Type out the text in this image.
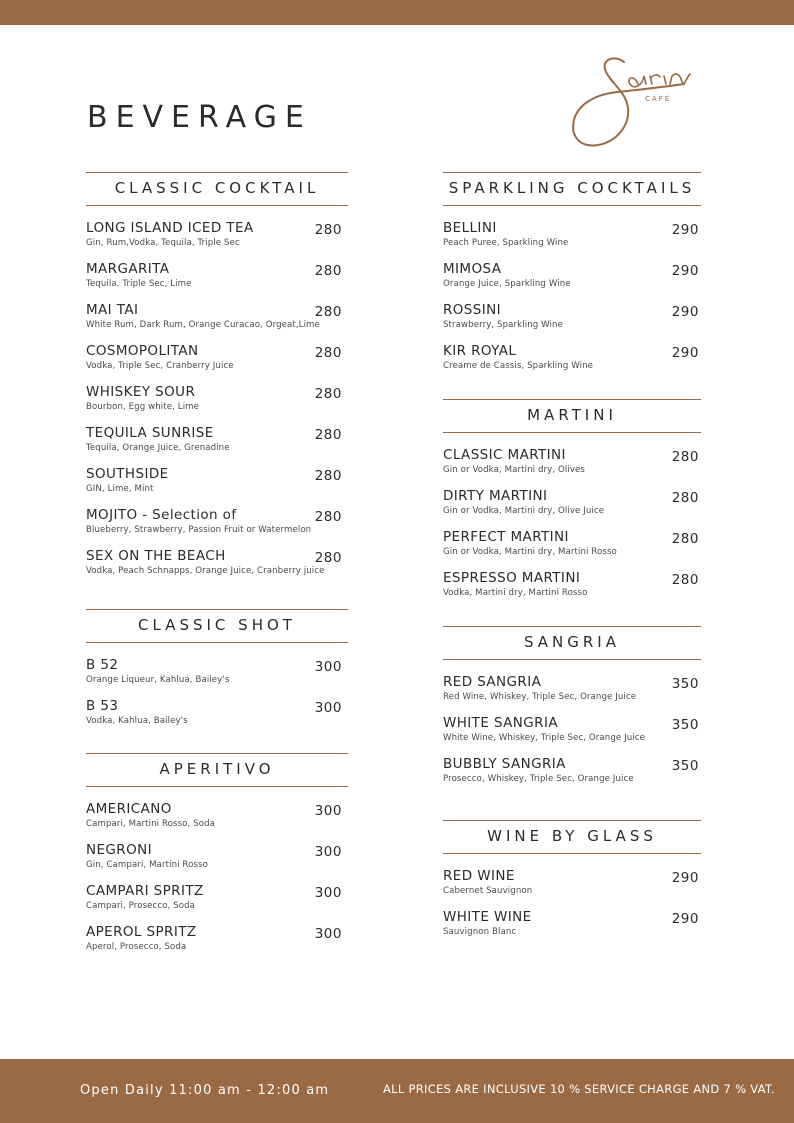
BEVERAGE
CAFÉ
CLASSIC COCKTAIL
LONG ISLAND ICED TEA
Gin, Rum,Vodka, Tequila, Triple Sec
280
MARGARITA
Tequila, Triple Sec, Lime
280
MAI TAI
White Rum, Dark Rum, Orange Curacao, Orgeat,Lime
280
COSMOPOLITAN
Vodka, Triple Sec, Cranberry Juice
280
WHISKEY SOUR
Bourbon, Egg white, Lime
280
TEQUILA SUNRISE
Tequila, Orange Juice, Grenadine
280
SOUTHSIDE
GIN, Lime, Mint
280
MOJITO - Selection of
Blueberry, Strawberry, Passion Fruit or Watermelon
280
SEX ON THE BEACH
Vodka, Peach Schnapps, Orange Juice, Cranberry juice
280
CLASSIC SHOT
B 52
Orange Liqueur, Kahlua, Bailey's
300
B 53
Vodka, Kahlua, Bailey's
300
APERITIVO
AMERICANO
Campari, Martini Rosso, Soda
300
NEGRONI
Gin, Campari, Martini Rosso
300
CAMPARI SPRITZ
Campari, Prosecco, Soda
300
APEROL SPRITZ
Aperol, Prosecco, Soda
300
SPARKLING COCKTAILS
BELLINI
Peach Puree, Sparkling Wine
290
MIMOSA
Orange Juice, Sparkling Wine
290
ROSSINI
Strawberry, Sparkling Wine
290
KIR ROYAL
Creame de Cassis, Sparkling Wine
290
MARTINI
CLASSIC MARTINI
Gin or Vodka, Martini dry, Olives
280
DIRTY MARTINI
Gin or Vodka, Martini dry, Olive Juice
280
PERFECT MARTINI
Gin or Vodka, Martini dry, Martini Rosso
280
ESPRESSO MARTINI
Vodka, Martini dry, Martini Rosso
280
SANGRIA
RED SANGRIA
Red Wine, Whiskey, Triple Sec, Orange Juice
350
WHITE SANGRIA
White Wine, Whiskey, Triple Sec, Orange Juice
350
BUBBLY SANGRIA
Prosecco, Whiskey, Triple Sec, Orange Juice
350
WINE BY GLASS
RED WINE
Cabernet Sauvignon
290
WHITE WINE
Sauvignon Blanc
290
Open Daily 11:00 am - 12:00 am	ALL PRICES ARE INCLUSIVE 10 % SERVICE CHARGE AND 7 % VAT.
